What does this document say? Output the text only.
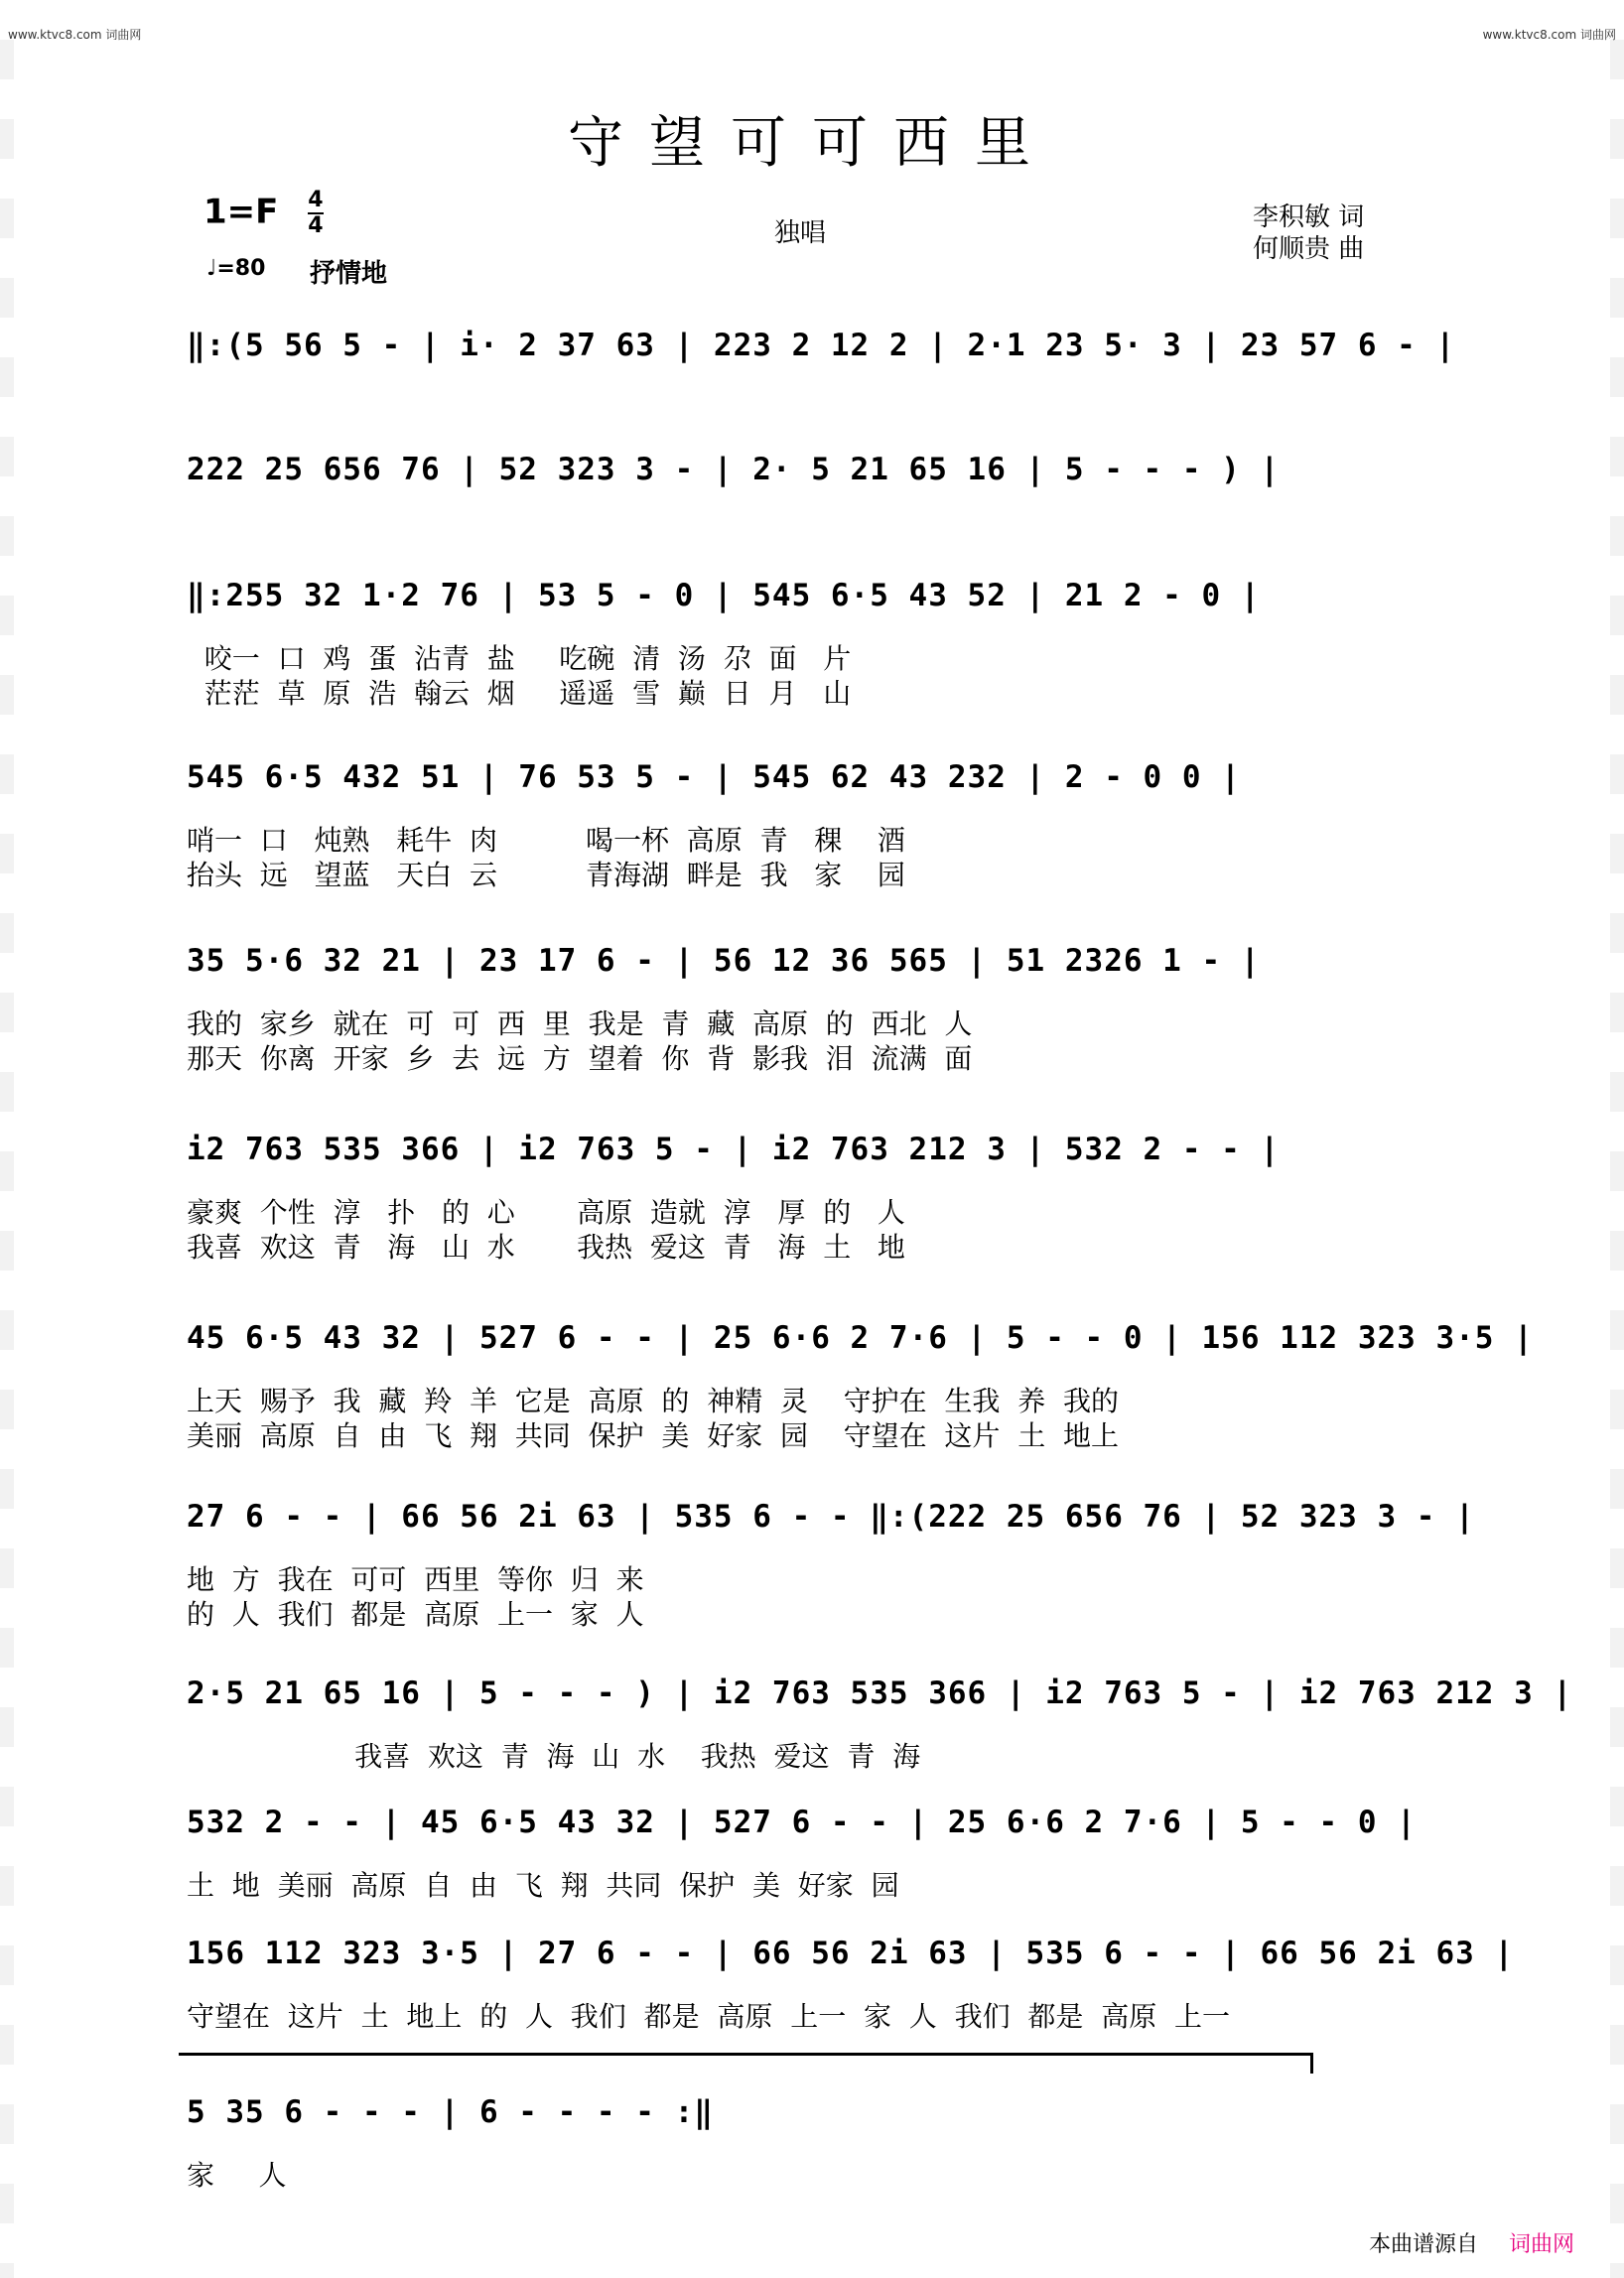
www.ktvc8.com 词曲网	www.ktvc8.com 词曲网
守望可可西里
$1=F \frac{4}{4}$
♩=80 抒情地
独唱
李积敏 词
何顺贵 曲
‖:(5 56 5 - | i· 2 37 63 | 223 2 12 2 | 2·1 23 5· 3 | 23 57 6 - |
222 25 656 76 | 52 323 3 - | 2· 5 21 65 16 | 5 - - - ) |
‖:255 32 1·2 76 | 53 5 - 0 | 545 6·5 43 52 | 21 2 - 0 |
咬一  口  鸡  蛋  沾青  盐     吃碗  清  汤  尕  面   片
茫茫  草  原  浩  翰云  烟     遥遥  雪  巅  日  月   山
545 6·5 432 51 | 76 53 5 - | 545 62 43 232 | 2 - 0 0 |
哨一  口   炖熟   耗牛  肉          喝一杯  高原  青   稞    酒
抬头  远   望蓝   天白  云          青海湖  畔是  我   家    园
35 5·6 32 21 | 23 17 6 - | 56 12 36 565 | 51 2326 1 - |
我的  家乡  就在  可  可  西  里  我是  青  藏  高原  的  西北  人
那天  你离  开家  乡  去  远  方  望着  你  背  影我  泪  流满  面
i2 763 535 366 | i2 763 5 - | i2 763 212 3 | 532 2 - - |
豪爽  个性  淳   扑   的  心       高原  造就  淳   厚  的   人
我喜  欢这  青   海   山  水       我热  爱这  青   海  土   地
45 6·5 43 32 | 527 6 - - | 25 6·6 2 7·6 | 5 - - 0 | 156 112 323 3·5 |
上天  赐予  我  藏  羚  羊  它是  高原  的  神精  灵    守护在  生我  养  我的
美丽  高原  自  由  飞  翔  共同  保护  美  好家  园    守望在  这片  土  地上
27 6 - - | 66 56 2i 63 | 535 6 - - ‖:(222 25 656 76 | 52 323 3 - |
地  方  我在  可可  西里  等你  归  来
的  人  我们  都是  高原  上一  家  人
2·5 21 65 16 | 5 - - - ) | i2 763 535 366 | i2 763 5 - | i2 763 212 3 |
我喜  欢这  青  海  山  水    我热  爱这  青  海
532 2 - - | 45 6·5 43 32 | 527 6 - - | 25 6·6 2 7·6 | 5 - - 0 |
土  地  美丽  高原  自  由  飞  翔  共同  保护  美  好家  园
156 112 323 3·5 | 27 6 - - | 66 56 2i 63 | 535 6 - - | 66 56 2i 63 |
守望在  这片  土  地上  的  人  我们  都是  高原  上一  家  人  我们  都是  高原  上一
5 35 6 - - - | 6 - - - - :‖
家     人
本曲谱源自 词曲网
